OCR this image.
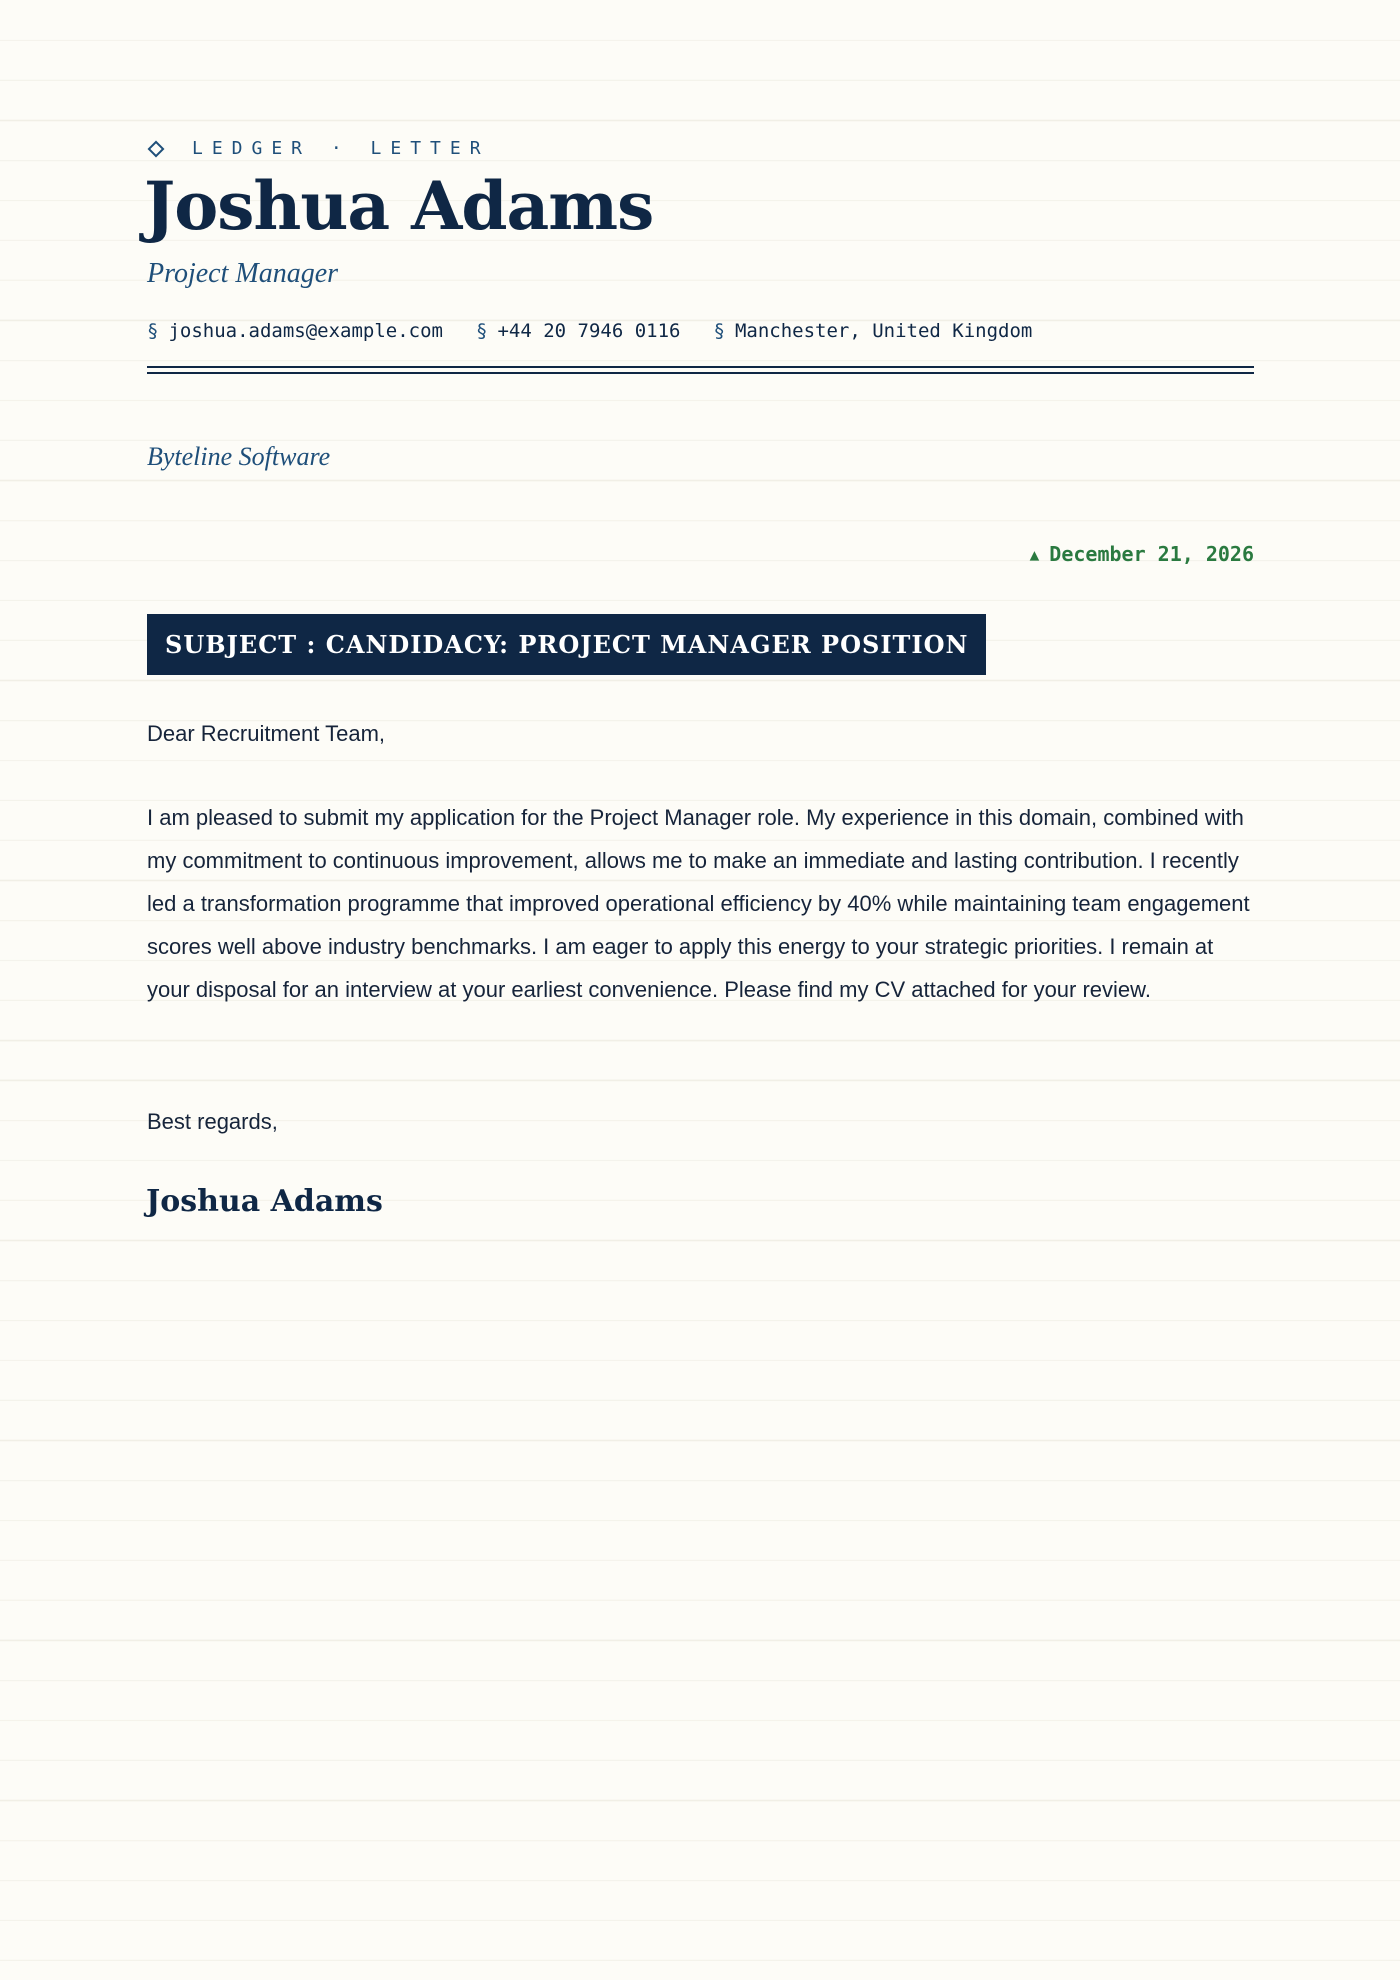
LEDGER · LETTER
Joshua Adams
Project Manager
§ joshua.adams@example.com § +44 20 7946 0116 § Manchester, United Kingdom
Byteline Software
▲ December 21, 2026
SUBJECT : CANDIDACY: PROJECT MANAGER POSITION
Dear Recruitment Team,
I am pleased to submit my application for the Project Manager role. My experience in this domain, combined with my commitment to continuous improvement, allows me to make an immediate and lasting contribution. I recently led a transformation programme that improved operational efficiency by 40% while maintaining team engagement scores well above industry benchmarks. I am eager to apply this energy to your strategic priorities. I remain at your disposal for an interview at your earliest convenience. Please find my CV attached for your review.
Best regards,
Joshua Adams
